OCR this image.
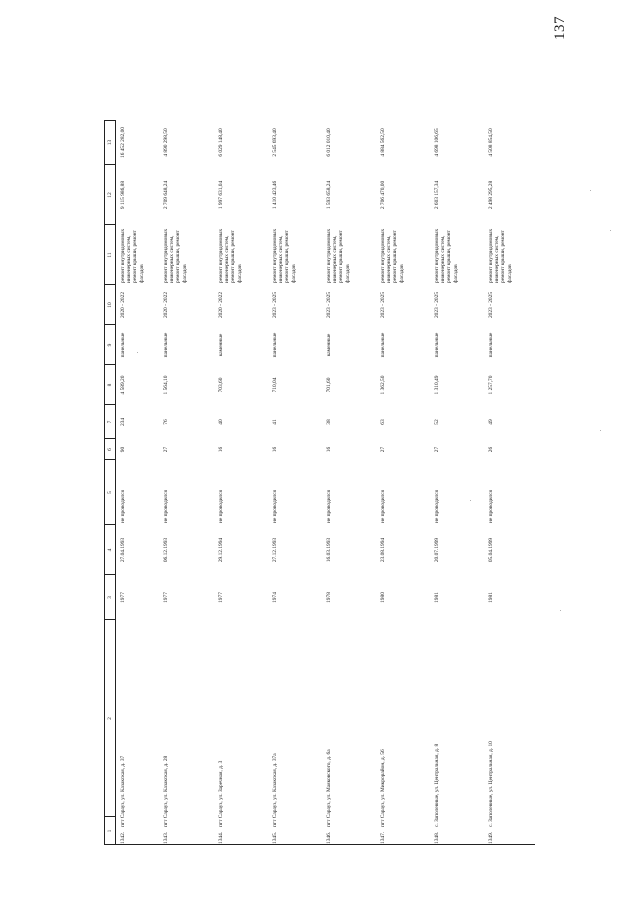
137
1
2
3
4
5
6
7
8
9
10
11
12
13
1342.
пгт Сарауз, ул. Казакская, д. 37
1977
27.04.1993
не проводился
90
234
4 589,20
панельные
2020 - 2022
ремонт внутридомовых инженерных систем, ремонт крыши, ремонт фасадов
9 115 986,88
16 452 282,00
1343.
пгт Сарауз, ул. Казакская, д. 28
1977
06.12.1993
не проводился
27
76
1 564,10
панельные
2020 - 2022
ремонт внутридомовых инженерных систем, ремонт крыши, ремонт фасадов
2 709 648,24
4 890 298,50
1344.
пгт Сарауз, ул. Заречная, д. 3
1977
29.12.1994
не проводился
16
40
703,60
каменные
2020 - 2022
ремонт внутридомовых инженерных систем, ремонт крыши, ремонт фасадов
1 997 631,04
6 029 148,40
1345.
пгт Сарауз, ул. Казакская, д. 37а
1974
27.12.1993
не проводился
16
41
710,04
панельные
2023 - 2025
ремонт внутридомовых инженерных систем, ремонт крыши, ремонт фасадов
1 410 423,46
2 545 693,40
1346.
пгт Сарауз, ул. Маяковского, д. 6а
1978
16.03.1993
не проводился
16
38
701,60
каменные
2023 - 2025
ремонт внутридомовых инженерных систем, ремонт крыши, ремонт фасадов
1 593 658,24
6 012 010,40
1347.
пгт Сарауз, ул. Микрорайон, д. 56
1980
23.08.1994
не проводился
27
63
1 362,50
панельные
2023 - 2025
ремонт внутридомовых инженерных систем, ремонт крыши, ремонт фасадов
2 706 470,00
4 884 562,50
1348.
с. Заполевные, ул. Центральная, д. 8
1981
20.07.1999
не проводился
27
52
1 310,49
панельные
2023 - 2025
ремонт внутридомовых инженерных систем, ремонт крыши, ремонт фасадов
2 603 157,34
4 698 106,65
1349.
с. Заполевные, ул. Центральная, д. 10
1981
05.04.1999
не проводился
26
49
1 257,70
панельные
2023 - 2025
ремонт внутридомовых инженерных систем, ремонт крыши, ремонт фасадов
2 498 295,28
4 508 854,50
